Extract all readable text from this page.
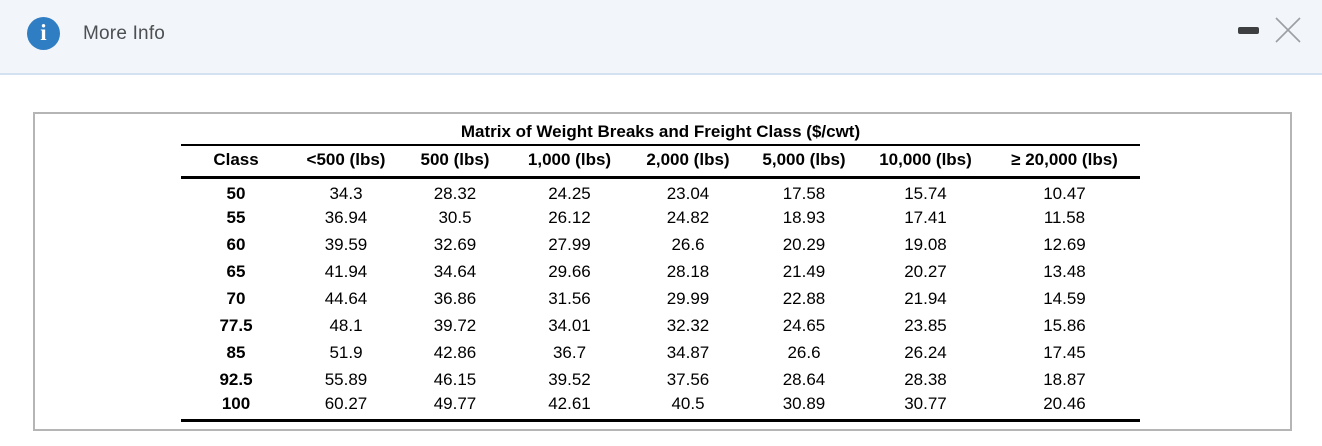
i More Info
Matrix of Weight Breaks and Freight Class ($/cwt)
Class	<500 (lbs)	500 (lbs)	1,000 (lbs)	2,000 (lbs)	5,000 (lbs)	10,000 (lbs)	≥ 20,000 (lbs)
50	34.3	28.32	24.25	23.04	17.58	15.74	10.47
55	36.94	30.5	26.12	24.82	18.93	17.41	11.58
60	39.59	32.69	27.99	26.6	20.29	19.08	12.69
65	41.94	34.64	29.66	28.18	21.49	20.27	13.48
70	44.64	36.86	31.56	29.99	22.88	21.94	14.59
77.5	48.1	39.72	34.01	32.32	24.65	23.85	15.86
85	51.9	42.86	36.7	34.87	26.6	26.24	17.45
92.5	55.89	46.15	39.52	37.56	28.64	28.38	18.87
100	60.27	49.77	42.61	40.5	30.89	30.77	20.46
